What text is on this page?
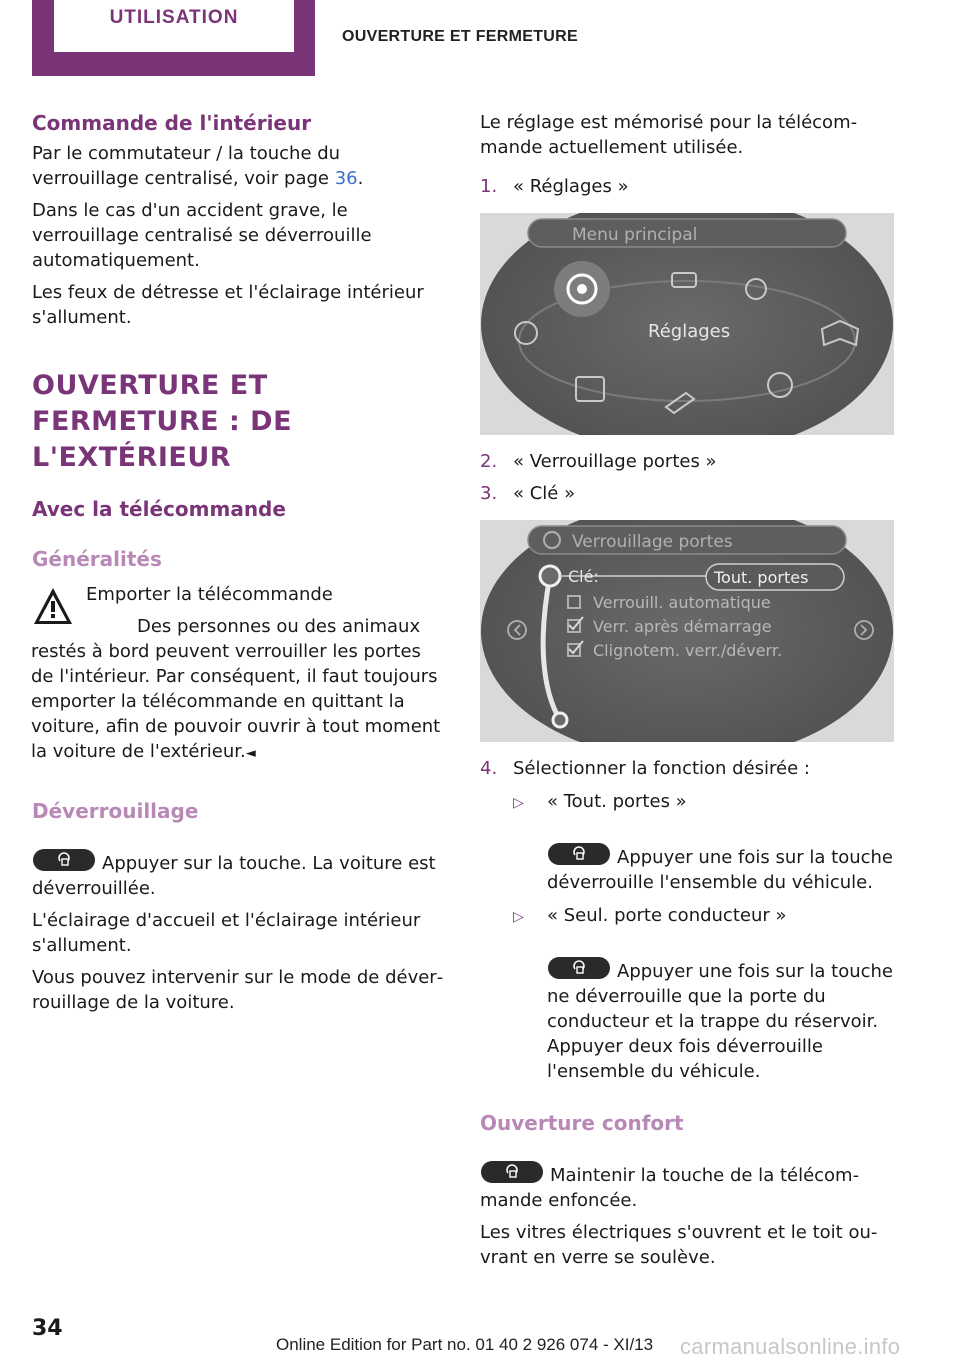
UTILISATION
OUVERTURE ET FERMETURE
Commande de l'intérieur

Par le commutateur / la touche du verrouillage centralisé, voir page 36.

Dans le cas d'un accident grave, le verrouillage centralisé se déverrouille automatiquement.

Les feux de détresse et l'éclairage intérieur s'allument.

OUVERTURE ET FERMETURE : DE L'EXTÉRIEUR
Avec la télécommande
Généralités

Emporter la télécommande

Des personnes ou des animaux restés à bord peuvent verrouiller les portes de l'intérieur. Par conséquent, il faut toujours emporter la télécommande en quittant la voiture, afin de pouvoir ouvrir à tout moment la voiture de l'extérieur.◄

Déverrouillage

Appuyer sur la touche. La voiture est déverrouillée.

L'éclairage d'accueil et l'éclairage intérieur s'allument.

Vous pouvez intervenir sur le mode de déverrouillage de la voiture.

Le réglage est mémorisé pour la télécommande actuellement utilisée.

1. « Réglages »
Menu principal
Réglages
2. « Verrouillage portes »
3. « Clé »
Verrouillage portes
Clé:	Tout. portes
Verrouill. automatique
Verr. après démarrage
Clignotem. verr./déverr.
4. Sélectionner la fonction désirée :
▷ « Tout. portes »

Appuyer une fois sur la touche déverrouille l'ensemble du véhicule.

▷ « Seul. porte conducteur »

Appuyer une fois sur la touche ne déverrouille que la porte du conducteur et la trappe du réservoir. Appuyer deux fois déverrouille l'ensemble du véhicule.

Ouverture confort

Maintenir la touche de la télécommande enfoncée.

Les vitres électriques s'ouvrent et le toit ouvrant en verre se soulève.

34
Online Edition for Part no. 01 40 2 926 074 - XI/13 carmanualsonline.info
